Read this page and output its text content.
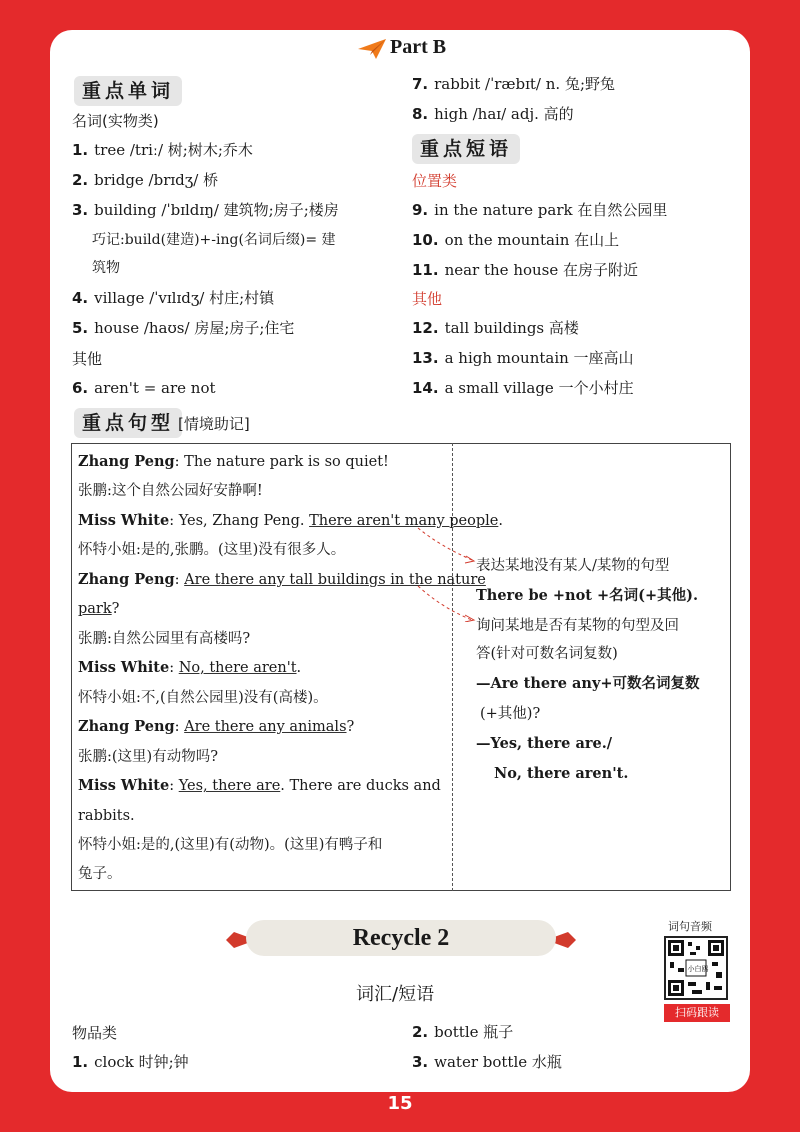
Part B
重点单词
名词(实物类)
1. tree /triː/ 树;树木;乔木
2. bridge /brɪdʒ/ 桥
3. building /ˈbɪldɪŋ/ 建筑物;房子;楼房
巧记:build(建造)+-ing(名词后缀)= 建
筑物
4. village /ˈvɪlɪdʒ/ 村庄;村镇
5. house /haʊs/ 房屋;房子;住宅
其他
6. aren't = are not
7. rabbit /ˈræbɪt/ n. 兔;野兔
8. high /haɪ/ adj. 高的
重点短语
位置类
9. in the nature park 在自然公园里
10. on the mountain 在山上
11. near the house 在房子附近
其他
12. tall buildings 高楼
13. a high mountain 一座高山
14. a small village 一个小村庄
重点句型 [情境助记]
Zhang Peng: The nature park is so quiet!
张鹏:这个自然公园好安静啊!
Miss White: Yes, Zhang Peng. There aren't many people.
怀特小姐:是的,张鹏。(这里)没有很多人。
Zhang Peng: Are there any tall buildings in the nature
park?
张鹏:自然公园里有高楼吗?
Miss White: No, there aren't.
怀特小姐:不,(自然公园里)没有(高楼)。
Zhang Peng: Are there any animals?
张鹏:(这里)有动物吗?
Miss White: Yes, there are. There are ducks and
rabbits.
怀特小姐:是的,(这里)有(动物)。(这里)有鸭子和
兔子。
表达某地没有某人/某物的句型
There be +not +名词(+其他).
询问某地是否有某物的句型及回
答(针对可数名词复数)
—Are there any+可数名词复数
(+其他)?
—Yes, there are./
No, there aren't.
Recycle 2
词汇/短语
词句音频
小白鸥
扫码跟读
物品类
1. clock 时钟;钟
2. bottle 瓶子
3. water bottle 水瓶
15
